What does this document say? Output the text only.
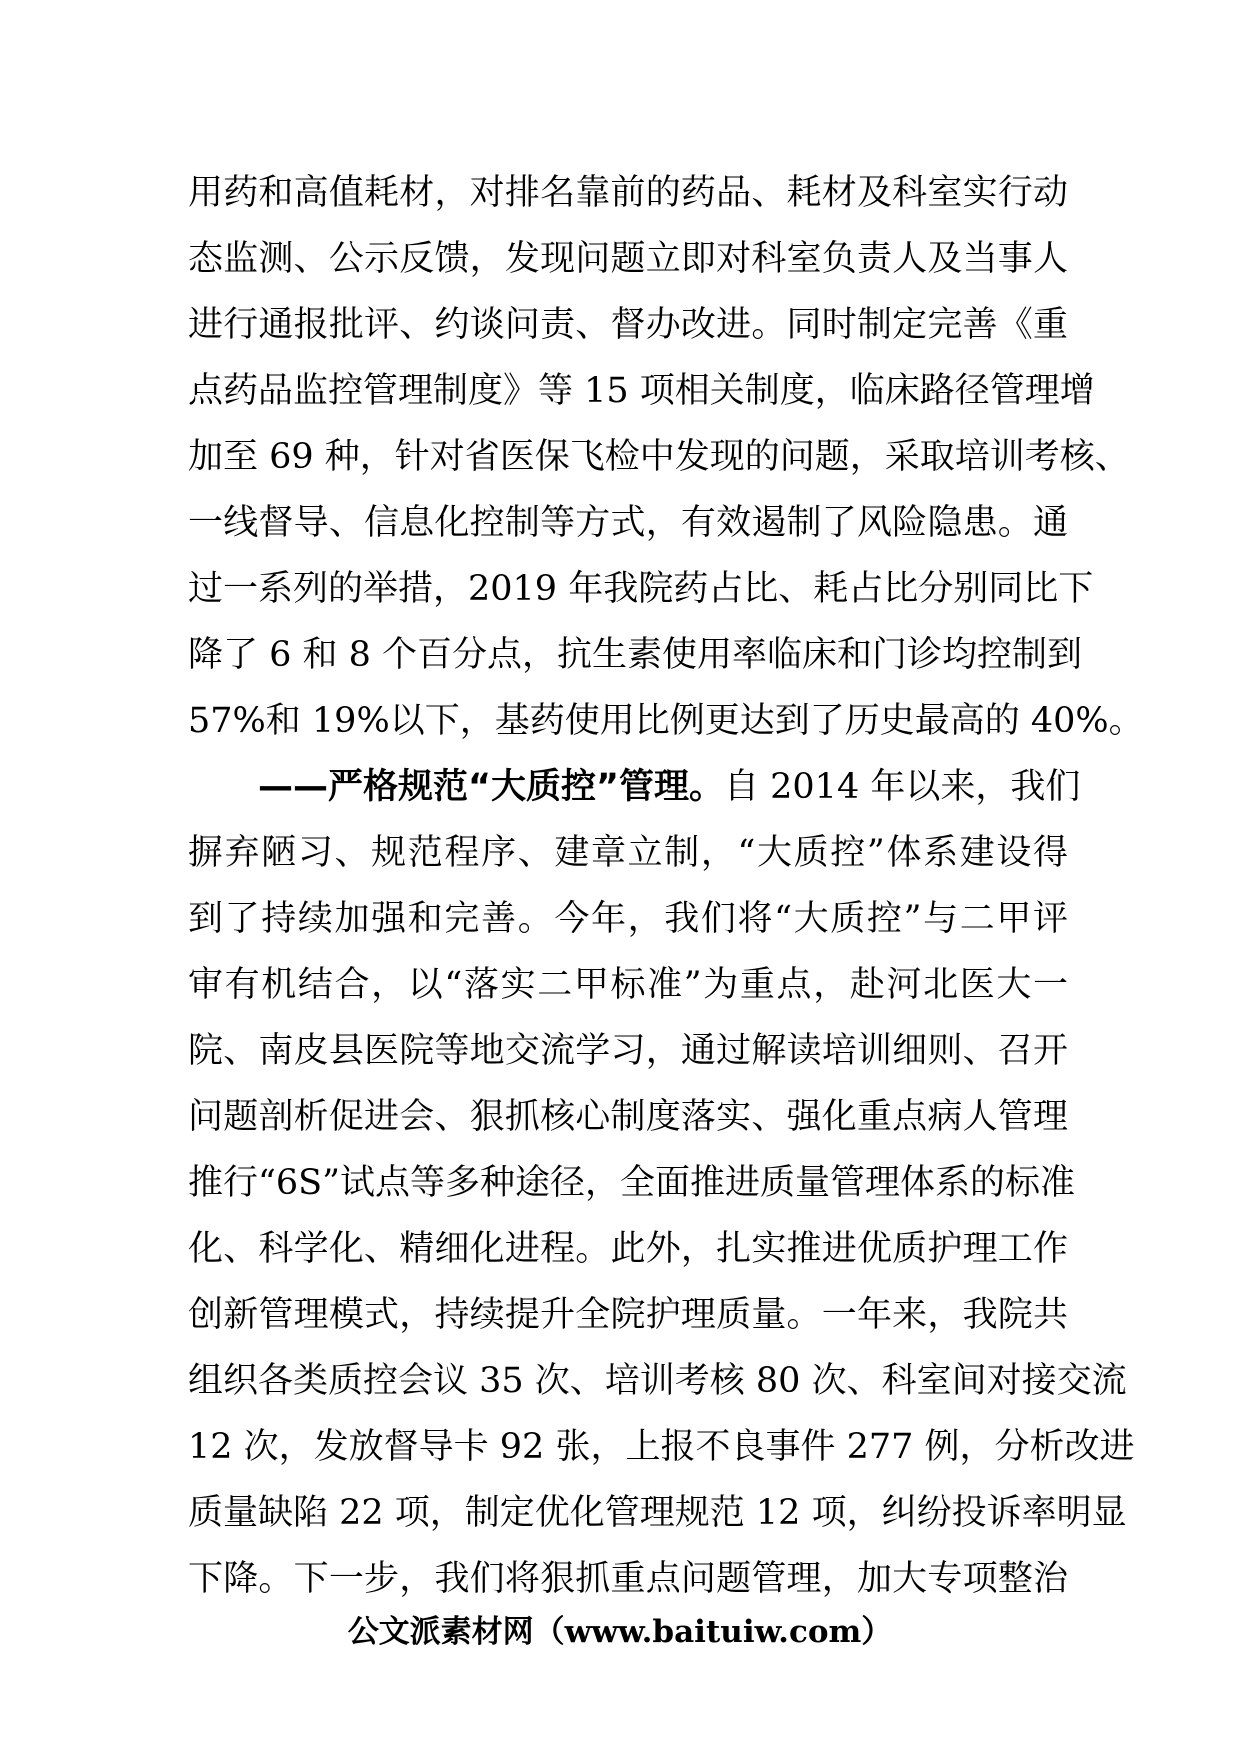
用药和高值耗材，对排名靠前的药品、耗材及科室实行动
态监测、公示反馈，发现问题立即对科室负责人及当事人
进行通报批评、约谈问责、督办改进。同时制定完善《重
点药品监控管理制度》等 15 项相关制度，临床路径管理增
加至 69 种，针对省医保飞检中发现的问题，采取培训考核、
一线督导、信息化控制等方式，有效遏制了风险隐患。通
过一系列的举措，2019 年我院药占比、耗占比分别同比下
降了 6 和 8 个百分点，抗生素使用率临床和门诊均控制到
57%和 19%以下，基药使用比例更达到了历史最高的 40%。
——严格规范“大质控”管理。自 2014 年以来，我们
摒弃陋习、规范程序、建章立制，“大质控”体系建设得
到了持续加强和完善。今年，我们将“大质控”与二甲评
审有机结合，以“落实二甲标准”为重点，赴河北医大一
院、南皮县医院等地交流学习，通过解读培训细则、召开
问题剖析促进会、狠抓核心制度落实、强化重点病人管理
推行“6S”试点等多种途径，全面推进质量管理体系的标准
化、科学化、精细化进程。此外，扎实推进优质护理工作
创新管理模式，持续提升全院护理质量。一年来，我院共
组织各类质控会议 35 次、培训考核 80 次、科室间对接交流
12 次，发放督导卡 92 张，上报不良事件 277 例，分析改进
质量缺陷 22 项，制定优化管理规范 12 项，纠纷投诉率明显
下降。下一步，我们将狠抓重点问题管理，加大专项整治
公文派素材网（www.baituiw.com）
